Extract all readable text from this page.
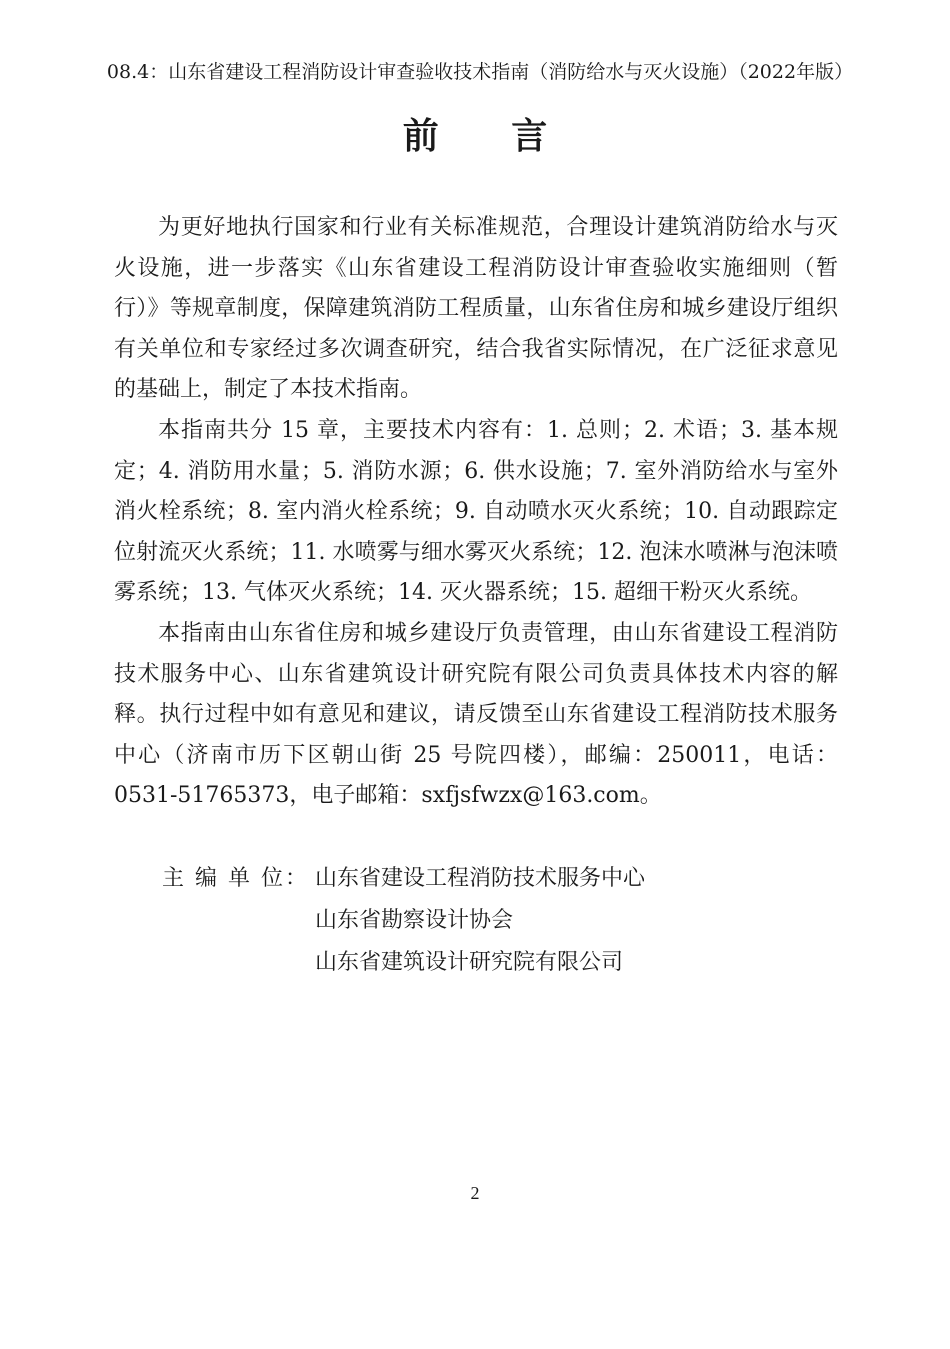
08.4：山东省建设工程消防设计审查验收技术指南（消防给水与灭火设施）（2022年版）
前 言

为更好地执行国家和行业有关标准规范，合理设计建筑消防给水与灭火设施，进一步落实《山东省建设工程消防设计审查验收实施细则（暂行）》等规章制度，保障建筑消防工程质量，山东省住房和城乡建设厅组织有关单位和专家经过多次调查研究，结合我省实际情况，在广泛征求意见的基础上，制定了本技术指南。

本指南共分 15 章，主要技术内容有：1. 总则；2. 术语；3. 基本规定；4. 消防用水量；5. 消防水源；6. 供水设施；7. 室外消防给水与室外消火栓系统；8. 室内消火栓系统；9. 自动喷水灭火系统；10. 自动跟踪定位射流灭火系统；11. 水喷雾与细水雾灭火系统；12. 泡沫水喷淋与泡沫喷雾系统；13. 气体灭火系统；14. 灭火器系统；15. 超细干粉灭火系统。

本指南由山东省住房和城乡建设厅负责管理，由山东省建设工程消防技术服务中心、山东省建筑设计研究院有限公司负责具体技术内容的解释。执行过程中如有意见和建议，请反馈至山东省建设工程消防技术服务中心（济南市历下区朝山街 25 号院四楼），邮编：250011，电话：0531-51765373，电子邮箱：sxfjsfwzx@163.com。

主 编 单 位： 山东省建设工程消防技术服务中心
山东省勘察设计协会
山东省建筑设计研究院有限公司
2
